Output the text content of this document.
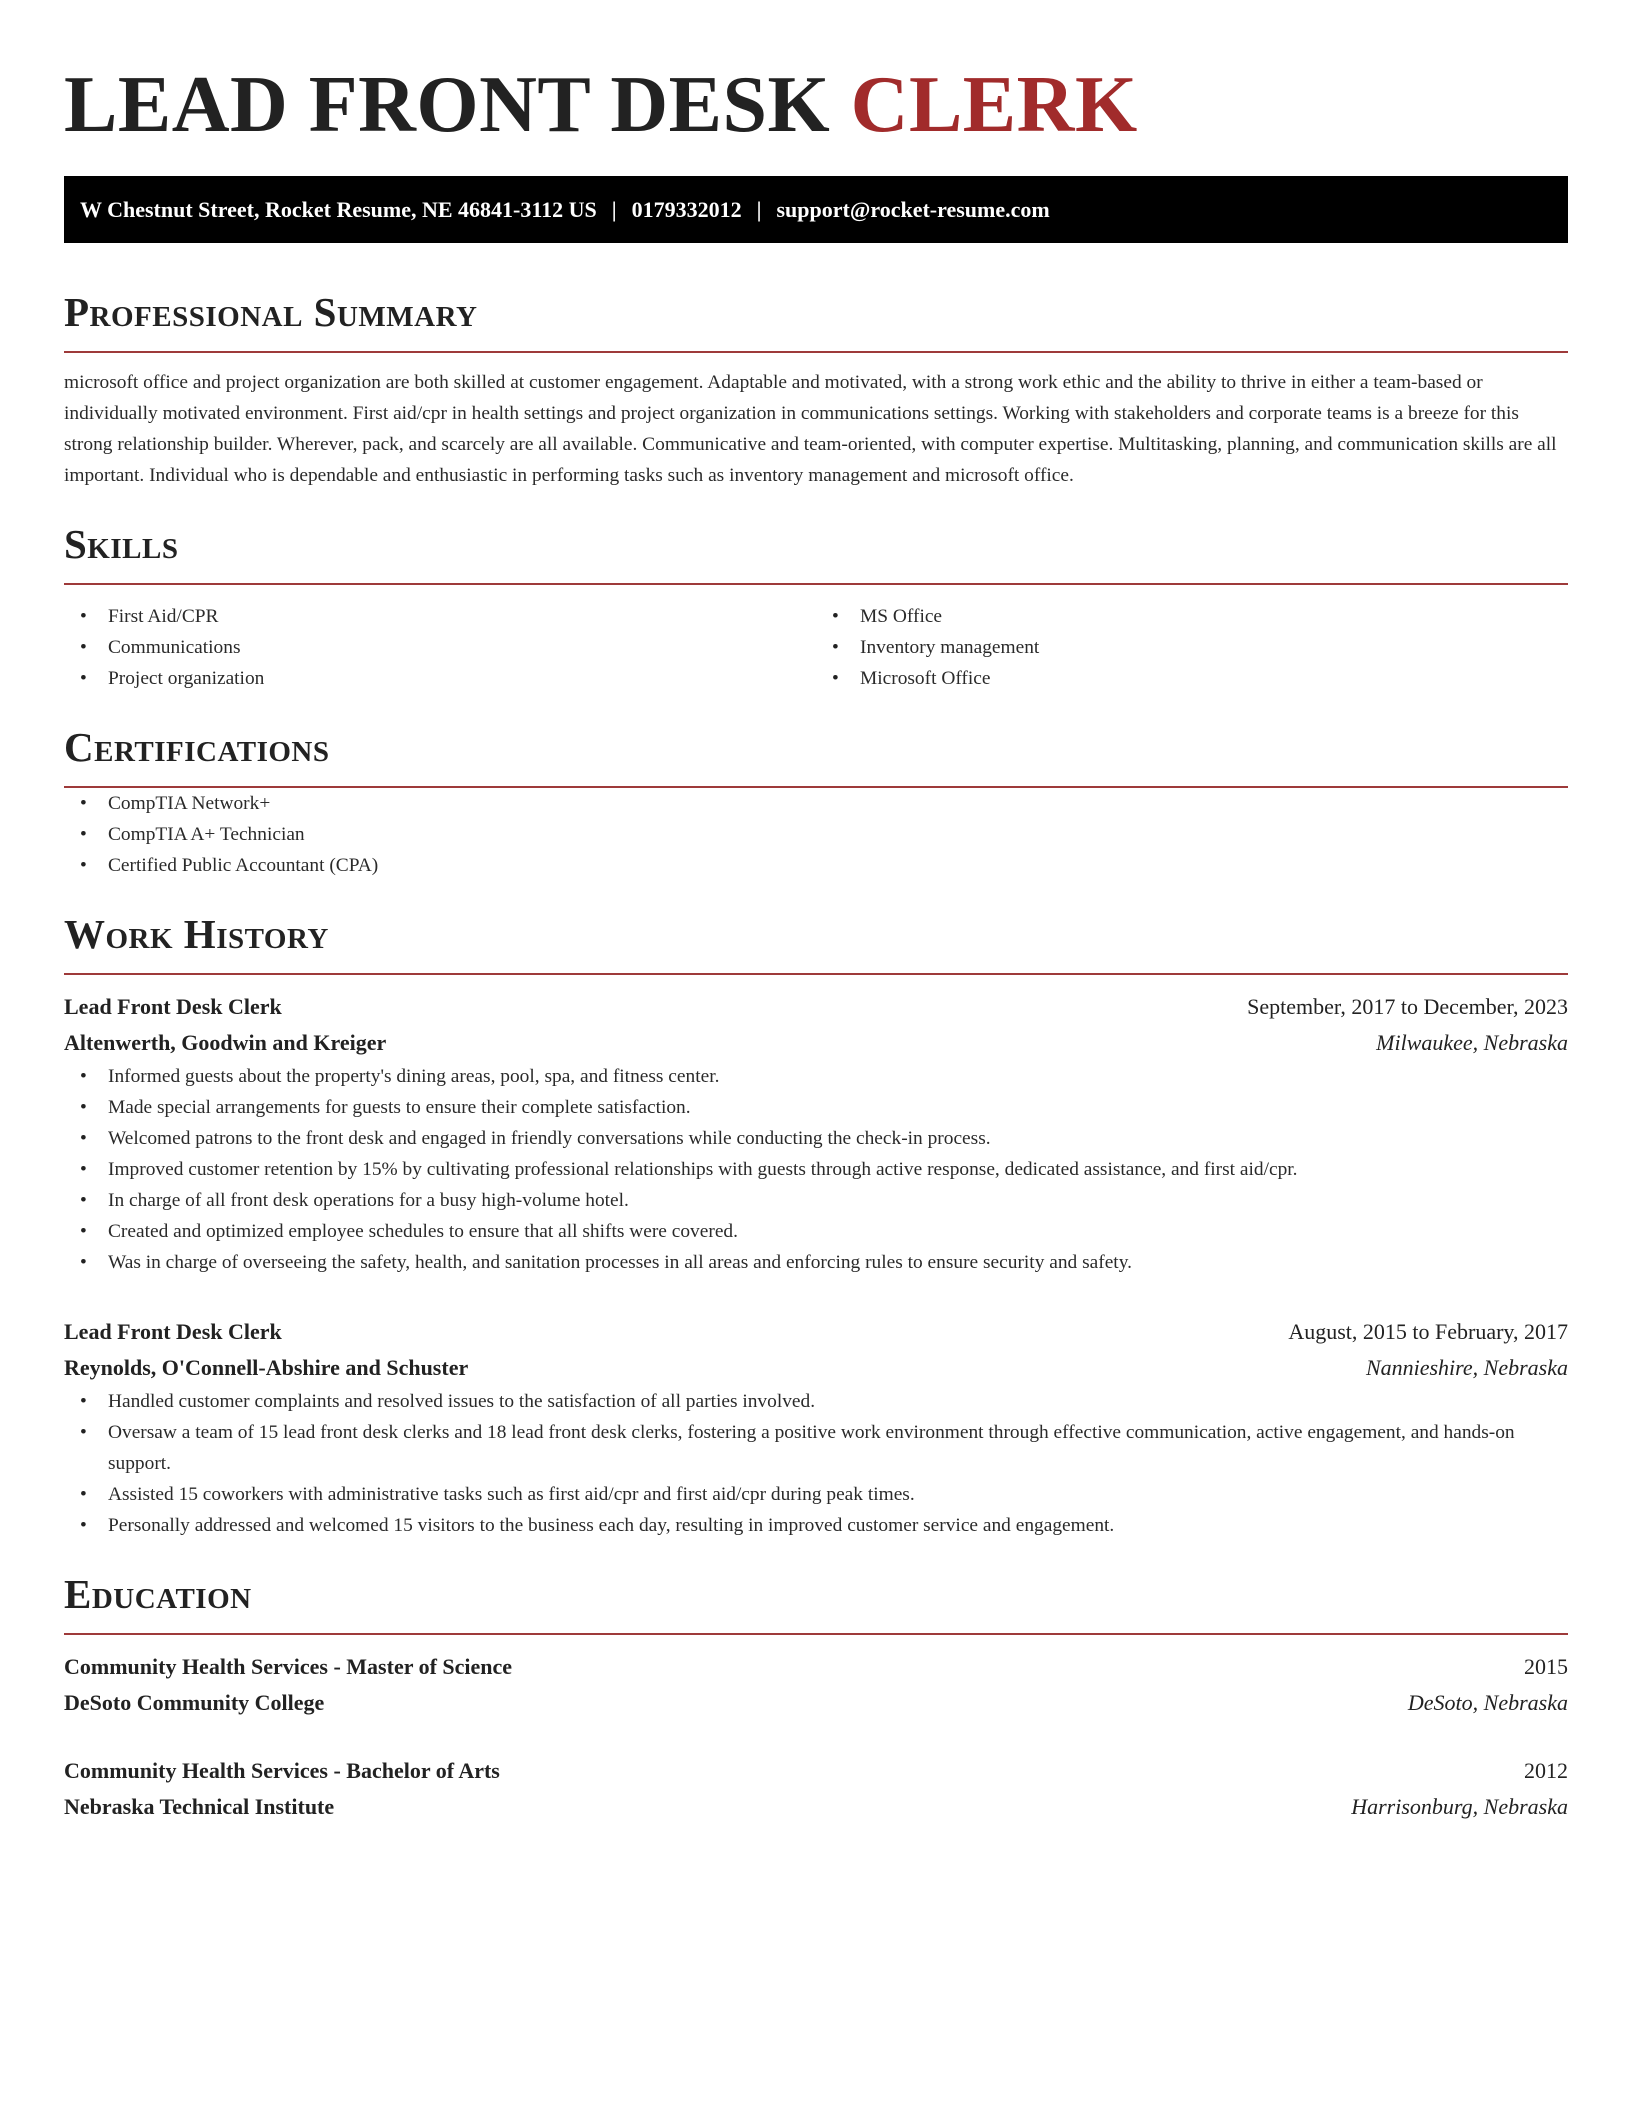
LEAD FRONT DESK CLERK
W Chestnut Street, Rocket Resume, NE 46841-3112 US | 0179332012 | support@rocket-resume.com
Professional Summary

microsoft office and project organization are both skilled at customer engagement. Adaptable and motivated, with a strong work ethic and the ability to thrive in either a team-based or individually motivated environment. First aid/cpr in health settings and project organization in communications settings. Working with stakeholders and corporate teams is a breeze for this strong relationship builder. Wherever, pack, and scarcely are all available. Communicative and team-oriented, with computer expertise. Multitasking, planning, and communication skills are all important. Individual who is dependable and enthusiastic in performing tasks such as inventory management and microsoft office.

Skills
• First Aid/CPR
• Communications
• Project organization
• MS Office
• Inventory management
• Microsoft Office
Certifications
• CompTIA Network+
• CompTIA A+ Technician
• Certified Public Accountant (CPA)
Work History
Lead Front Desk Clerk	September, 2017 to December, 2023
Altenwerth, Goodwin and Kreiger	Milwaukee, Nebraska
• Informed guests about the property's dining areas, pool, spa, and fitness center.
• Made special arrangements for guests to ensure their complete satisfaction.
• Welcomed patrons to the front desk and engaged in friendly conversations while conducting the check-in process.
• Improved customer retention by 15% by cultivating professional relationships with guests through active response, dedicated assistance, and first aid/cpr.
• In charge of all front desk operations for a busy high-volume hotel.
• Created and optimized employee schedules to ensure that all shifts were covered.
• Was in charge of overseeing the safety, health, and sanitation processes in all areas and enforcing rules to ensure security and safety.
Lead Front Desk Clerk	August, 2015 to February, 2017
Reynolds, O'Connell-Abshire and Schuster	Nannieshire, Nebraska
• Handled customer complaints and resolved issues to the satisfaction of all parties involved.
• Oversaw a team of 15 lead front desk clerks and 18 lead front desk clerks, fostering a positive work environment through effective communication, active engagement, and hands-on support.
• Assisted 15 coworkers with administrative tasks such as first aid/cpr and first aid/cpr during peak times.
• Personally addressed and welcomed 15 visitors to the business each day, resulting in improved customer service and engagement.
Education
Community Health Services - Master of Science	2015
DeSoto Community College	DeSoto, Nebraska
Community Health Services - Bachelor of Arts	2012
Nebraska Technical Institute	Harrisonburg, Nebraska
